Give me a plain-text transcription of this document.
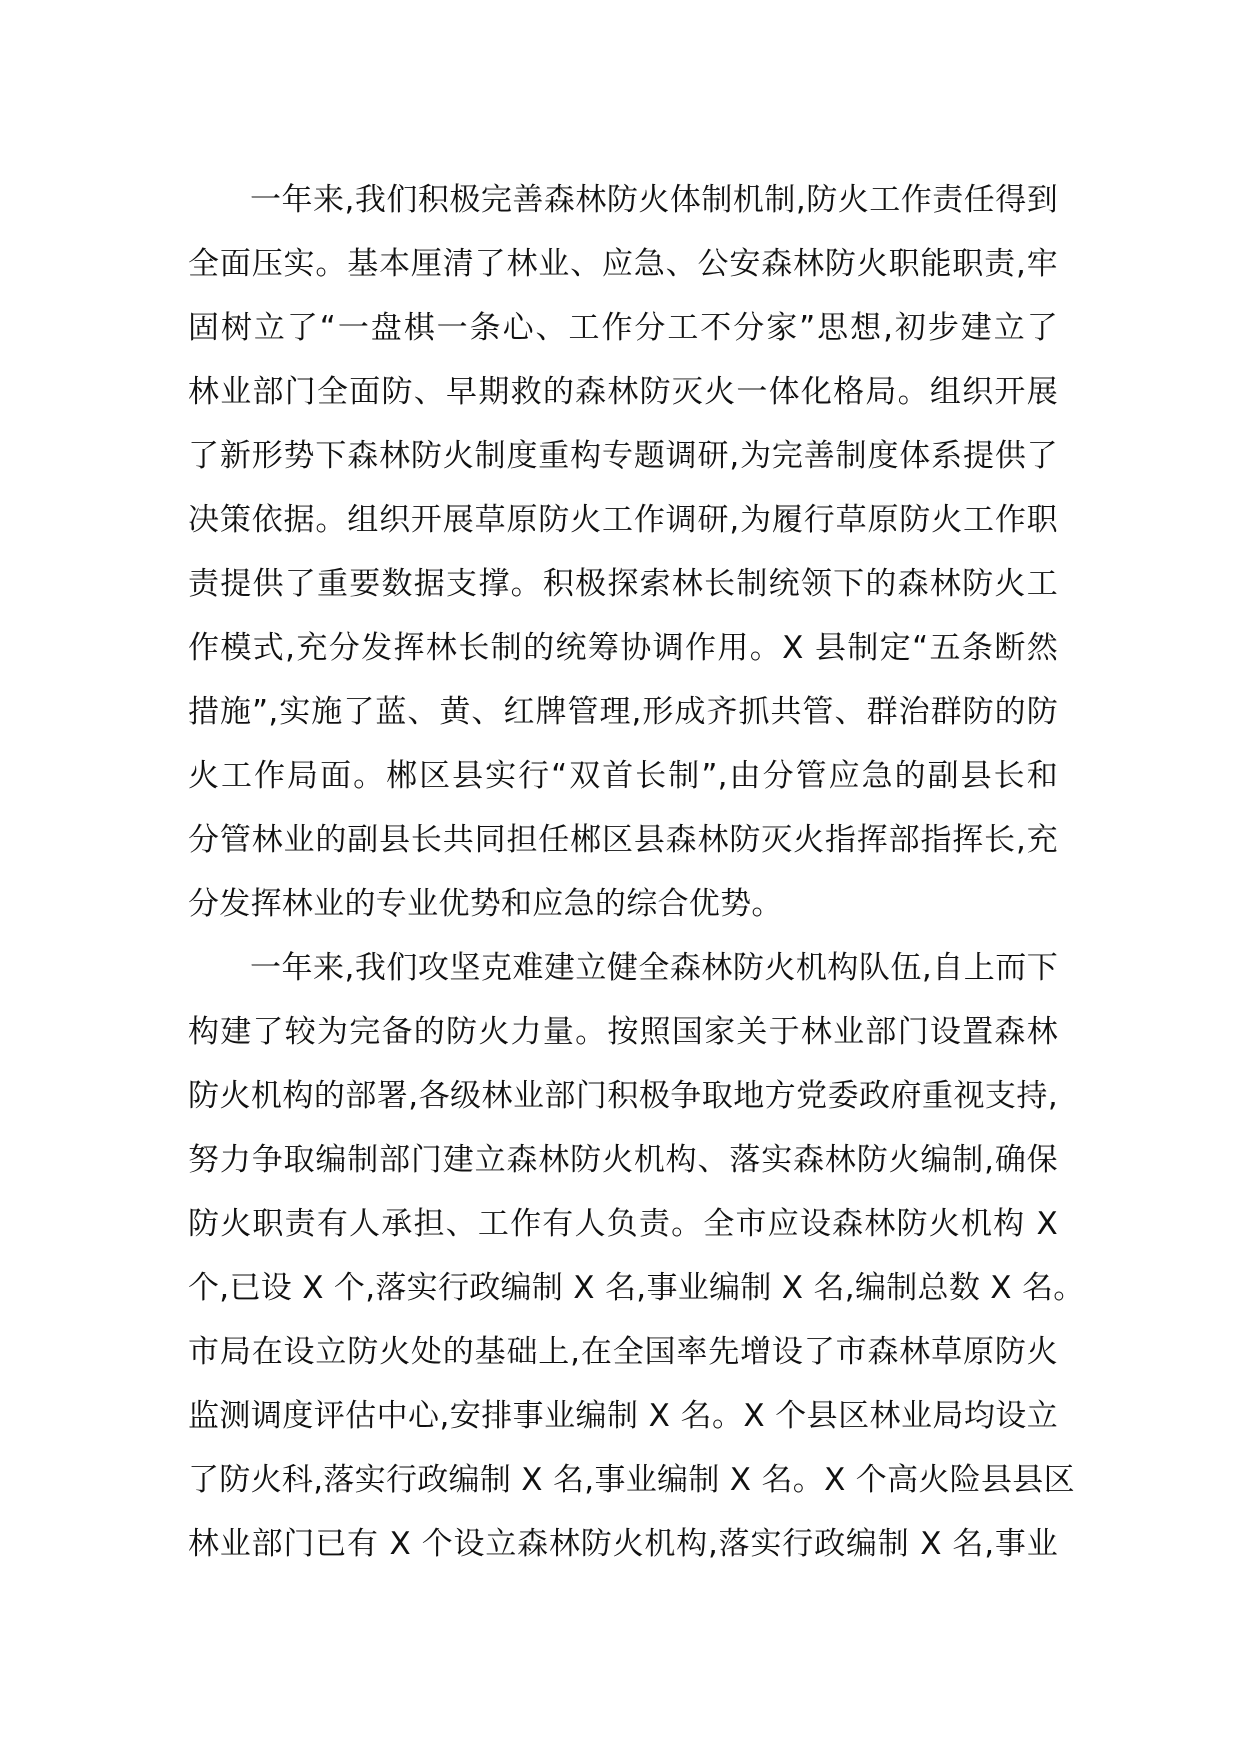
一年来,我们积极完善森林防火体制机制,防火工作责任得到
全面压实。基本厘清了林业、应急、公安森林防火职能职责,牢
固树立了“一盘棋一条心、工作分工不分家”思想,初步建立了
林业部门全面防、早期救的森林防灭火一体化格局。组织开展
了新形势下森林防火制度重构专题调研,为完善制度体系提供了
决策依据。组织开展草原防火工作调研,为履行草原防火工作职
责提供了重要数据支撑。积极探索林长制统领下的森林防火工
作模式,充分发挥林长制的统筹协调作用。X 县制定“五条断然
措施”,实施了蓝、黄、红牌管理,形成齐抓共管、群治群防的防
火工作局面。郴区县实行“双首长制”,由分管应急的副县长和
分管林业的副县长共同担任郴区县森林防灭火指挥部指挥长,充
分发挥林业的专业优势和应急的综合优势。
一年来,我们攻坚克难建立健全森林防火机构队伍,自上而下
构建了较为完备的防火力量。按照国家关于林业部门设置森林
防火机构的部署,各级林业部门积极争取地方党委政府重视支持,
努力争取编制部门建立森林防火机构、落实森林防火编制,确保
防火职责有人承担、工作有人负责。全市应设森林防火机构 X
个,已设 X 个,落实行政编制 X 名,事业编制 X 名,编制总数 X 名。
市局在设立防火处的基础上,在全国率先增设了市森林草原防火
监测调度评估中心,安排事业编制 X 名。X 个县区林业局均设立
了防火科,落实行政编制 X 名,事业编制 X 名。X 个高火险县县区
林业部门已有 X 个设立森林防火机构,落实行政编制 X 名,事业
